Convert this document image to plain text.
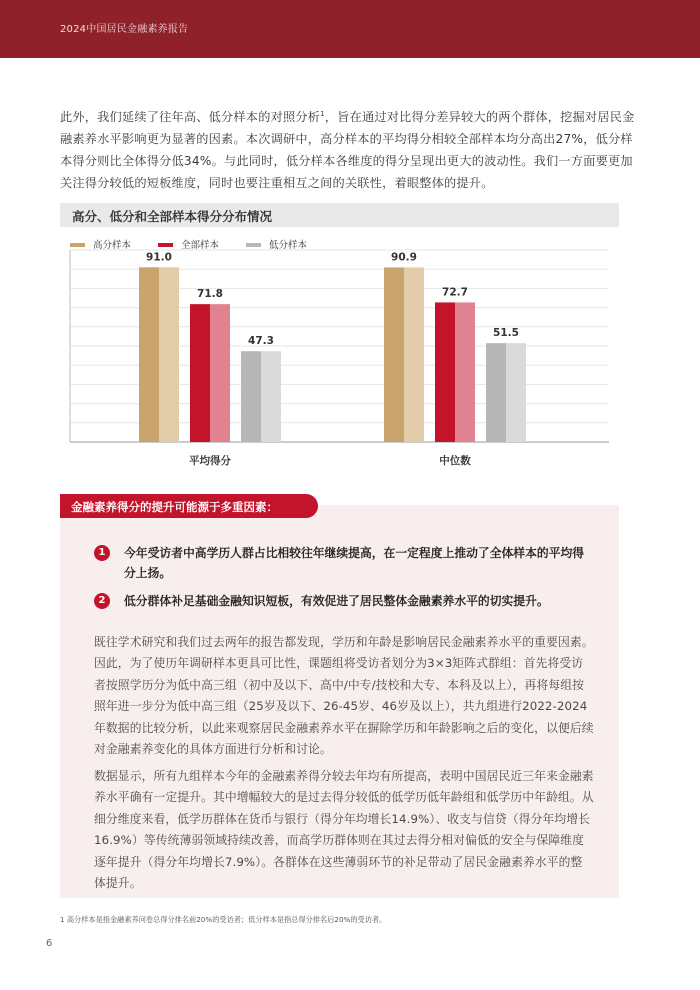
2024中国居民金融素养报告

此外，我们延续了往年高、低分样本的对照分析$^1$，旨在通过对比得分差异较大的两个群体，挖掘对居民金融素养水平影响更为显著的因素。本次调研中，高分样本的平均得分相较全部样本均分高出27%，低分样本得分则比全体得分低34%。与此同时，低分样本各维度的得分呈现出更大的波动性。我们一方面要更加关注得分较低的短板维度，同时也要注重相互之间的关联性，着眼整体的提升。

高分、低分和全部样本得分分布情况
高分样本	全部样本	低分样本
91.0
71.8
47.3
平均得分
90.9
72.7
51.5
中位数
金融素养得分的提升可能源于多重因素：
1	今年受访者中高学历人群占比相较往年继续提高，在一定程度上推动了全体样本的平均得分上扬。
2	低分群体补足基础金融知识短板，有效促进了居民整体金融素养水平的切实提升。

既往学术研究和我们过去两年的报告都发现，学历和年龄是影响居民金融素养水平的重要因素。因此，为了使历年调研样本更具可比性，课题组将受访者划分为3×3矩阵式群组：首先将受访者按照学历分为低中高三组（初中及以下、高中/中专/技校和大专、本科及以上），再将每组按照年进一步分为低中高三组（25岁及以下、26-45岁、46岁及以上），共九组进行2022-2024年数据的比较分析，以此来观察居民金融素养水平在摒除学历和年龄影响之后的变化，以便后续对金融素养变化的具体方面进行分析和讨论。

数据显示，所有九组样本今年的金融素养得分较去年均有所提高，表明中国居民近三年来金融素养水平确有一定提升。其中增幅较大的是过去得分较低的低学历低年龄组和低学历中年龄组。从细分维度来看，低学历群体在货币与银行（得分年均增长14.9%）、收支与信贷（得分年均增长16.9%）等传统薄弱领域持续改善，而高学历群体则在其过去得分相对偏低的安全与保障维度逐年提升（得分年均增长7.9%）。各群体在这些薄弱环节的补足带动了居民金融素养水平的整体提升。

1 高分样本是指金融素养问卷总得分排名前20%的受访者；低分样本是指总得分排名后20%的受访者。
6
